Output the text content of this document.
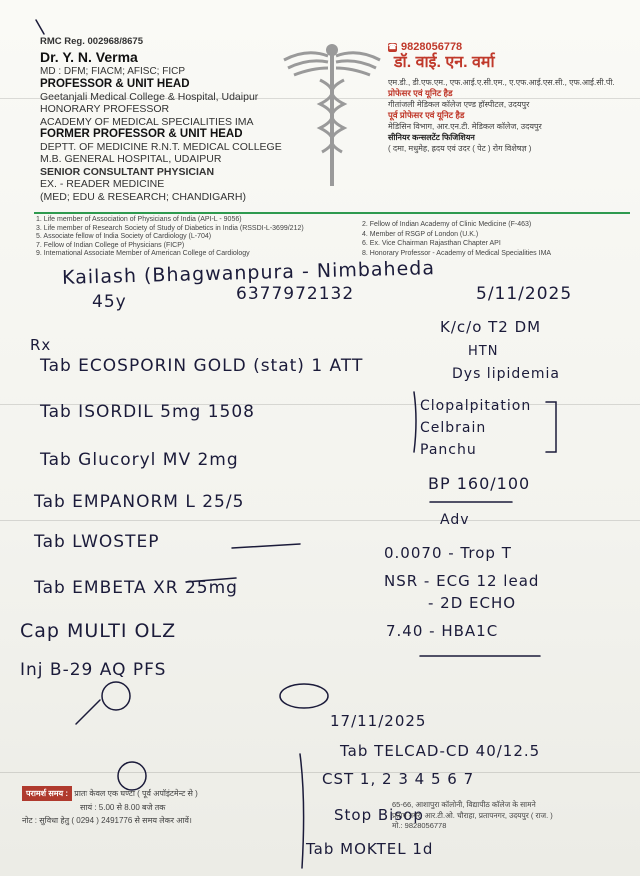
RMC Reg. 002968/8675
Dr. Y. N. Verma
MD : DFM; FIACM; AFISC; FICP
PROFESSOR & UNIT HEAD
Geetanjali Medical College & Hospital, Udaipur
HONORARY PROFESSOR
ACADEMY OF MEDICAL SPECIALITIES IMA
FORMER PROFESSOR & UNIT HEAD
DEPTT. OF MEDICINE R.N.T. MEDICAL COLLEGE
M.B. GENERAL HOSPITAL, UDAIPUR
SENIOR CONSULTANT PHYSICIAN
EX. - READER MEDICINE
(MED; EDU & RESEARCH; CHANDIGARH)
☎ 9828056778
डॉ. वाई. एन. वर्मा
एम.डी., डी.एफ.एम., एफ.आई.ए.सी.एम., ए.एफ.आई.एस.सी., एफ.आई.सी.पी.
प्रोफेसर एवं यूनिट हैड
गीतांजली मेडिकल कॉलेज एण्ड हॉस्पीटल, उदयपुर
पूर्व प्रोफेसर एवं यूनिट हैड
मेडिसिन विभाग, आर.एन.टी. मेडिकल कॉलेज, उदयपुर
सीनियर कन्सलटेंट फिजिशियन
( दमा, मधुमेह, ह्रदय एवं उदर ( पेट ) रोग विशेषज्ञ )
1. Life member of Association of Physicians of India (API-L - 9056)
3. Life member of Research Society of Study of Diabetics in India (RSSDI-L-3699/212)
5. Associate fellow of India Society of Cardiology (L-704)
7. Fellow of Indian College of Physicians (FICP)
9. International Associate Member of American College of Cardiology
2. Fellow of Indian Academy of Clinic Medicine (F-463)
4. Member of RSGP of London (U.K.)
6. Ex. Vice Chairman Rajasthan Chapter API
8. Honorary Professor - Academy of Medical Specialities IMA
Kailash (Bhagwanpura - Nimbaheda
45y	6377972132	5/11/2025
Rx
Tab ECOSPORIN GOLD (stat) 1 ATT
Tab ISORDIL 5mg 1508
Tab Glucoryl MV 2mg
Tab EMPANORM L 25/5
Tab LWOSTEP
Tab EMBETA XR 25mg
Cap MULTI OLZ
Inj B-29 AQ PFS
K/c/o T2 DM
HTN
Dys lipidemia
Clopalpitation
Celbrain
Panchu
BP 160/100
Adv
0.0070 - Trop T
NSR - ECG 12 lead
- 2D ECHO
7.40 - HBA1C
17/11/2025
Tab TELCAD-CD 40/12.5
CST 1, 2 3 4 5 6 7
Stop Bisop
Tab MOKTEL 1d
परामर्श समय : प्रातः केवल एक घण्टा ( पूर्व अपॉइंटमेन्ट से )
सायं : 5.00 से 8.00 बजे तक
नोट : सुविधा हेतु ( 0294 ) 2491776 से समय लेकर आवें।
65-66, आशापुरा कॉलोनी, विद्यापीठ कॉलेज के सामने
प्रताप नगर, आर.टी.ओ. चौराहा, प्रतापनगर, उदयपुर ( राज. )
मो.: 9828056778
